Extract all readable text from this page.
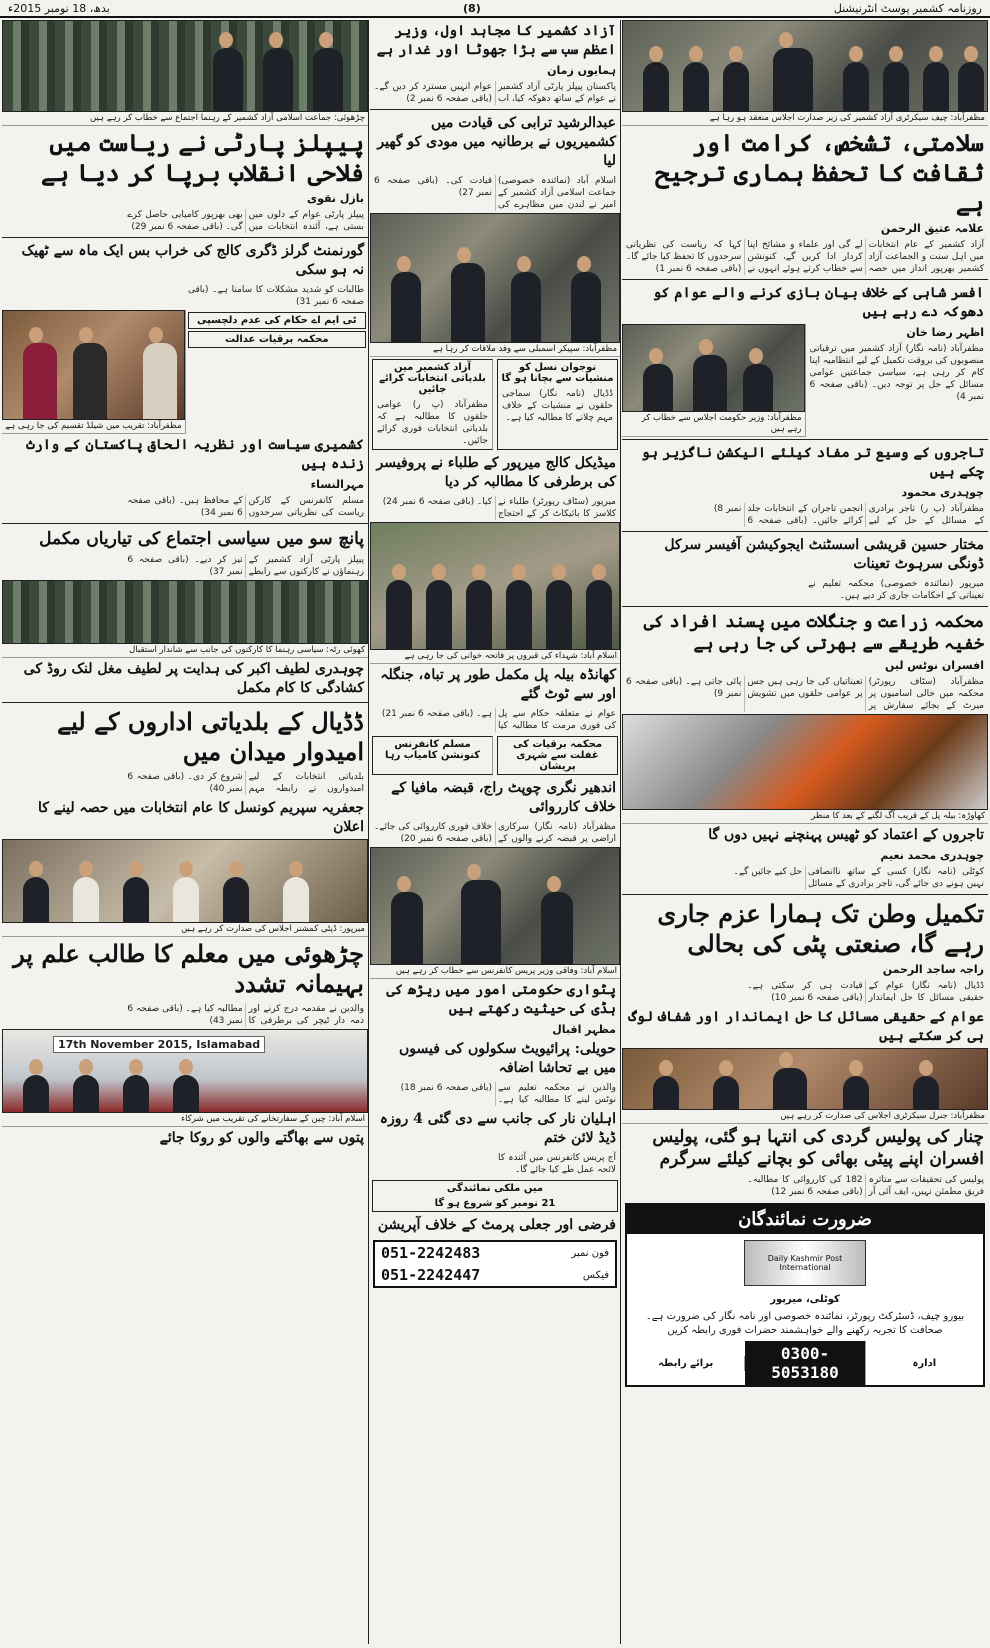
روزنامہ کشمیر پوسٹ انٹرنیشنل
(8)
بدھ، 18 نومبر 2015ء
مظفرآباد: چیف سیکرٹری آزاد کشمیر کی زیر صدارت اجلاس منعقد ہو رہا ہے
سلامتی، تشخص، کرامت اور ثقافت کا تحفظ ہماری ترجیح ہے
علامہ عتیق الرحمن
آزاد کشمیر کے عام انتخابات میں اہل سنت و الجماعت آزاد کشمیر بھرپور انداز میں حصہ لے گی اور علماء و مشائخ اپنا کردار ادا کریں گے، کنونشن سے خطاب کرتے ہوئے انہوں نے کہا کہ ریاست کی نظریاتی سرحدوں کا تحفظ کیا جائے گا۔ (باقی صفحہ 6 نمبر 1)
افسر شاہی کے خلاف بیان بازی کرنے والے عوام کو دھوکہ دے رہے ہیں
اظہر رضا خان
مظفرآباد (نامہ نگار) آزاد کشمیر میں ترقیاتی منصوبوں کی بروقت تکمیل کے لیے انتظامیہ اپنا کام کر رہی ہے، سیاسی جماعتیں عوامی مسائل کے حل پر توجہ دیں۔ (باقی صفحہ 6 نمبر 4)
مظفرآباد: وزیر حکومت اجلاس سے خطاب کر رہے ہیں
تاجروں کے وسیع تر مفاد کیلئے الیکشن ناگزیر ہو چکے ہیں
چوہدری محمود
مظفرآباد (پ ر) تاجر برادری کے مسائل کے حل کے لیے انجمن تاجران کے انتخابات جلد کرائے جائیں۔ (باقی صفحہ 6 نمبر 8)
مختار حسین قریشی اسسٹنٹ ایجوکیشن آفیسر سرکل ڈونگی سرہوٹ تعینات
میرپور (نمائندہ خصوصی) محکمہ تعلیم نے تعیناتی کے احکامات جاری کر دیے ہیں۔
محکمہ زراعت و جنگلات میں پسند افراد کی خفیہ طریقے سے بھرتی کی جا رہی ہے
افسران نوٹس لیں
مظفرآباد (سٹاف رپورٹر) محکمہ میں خالی اسامیوں پر میرٹ کے بجائے سفارش پر تعیناتیاں کی جا رہی ہیں جس پر عوامی حلقوں میں تشویش پائی جاتی ہے۔ (باقی صفحہ 6 نمبر 9)
کھاوڑہ: بیلہ پل کے قریب آگ لگنے کے بعد کا منظر
تاجروں کے اعتماد کو ٹھیس پہنچنے نہیں دوں گا
چوہدری محمد نعیم
کوٹلی (نامہ نگار) کسی کے ساتھ ناانصافی نہیں ہونے دی جائے گی، تاجر برادری کے مسائل حل کیے جائیں گے۔
تکمیل وطن تک ہمارا عزم جاری رہے گا، صنعتی پٹی کی بحالی
راجہ ساجد الرحمن
ڈڈیال (نامہ نگار) عوام کے حقیقی مسائل کا حل ایماندار قیادت ہی کر سکتی ہے۔ (باقی صفحہ 6 نمبر 10)
عوام کے حقیقی مسائل کا حل ایماندار اور شفاف لوگ ہی کر سکتے ہیں
مظفرآباد: جنرل سیکرٹری اجلاس کی صدارت کر رہے ہیں
چنار کی پولیس گردی کی انتہا ہو گئی، پولیس افسران اپنے پیٹی بھائی کو بچانے کیلئے سرگرم
پولیس کی تحقیقات سے متاثرہ فریق مطمئن نہیں، ایف آئی آر 182 کی کارروائی کا مطالبہ۔ (باقی صفحہ 6 نمبر 12)
ضرورت نمائندگان
Daily Kashmir Post International
کوٹلی، میرپور
بیورو چیف، ڈسٹرکٹ رپورٹر، نمائندہ خصوصی اور نامہ نگار کی ضرورت ہے۔ صحافت کا تجربہ رکھنے والے خواہشمند حضرات فوری رابطہ کریں
ادارہ
0300-5053180
برائے رابطہ
آزاد کشمیر کا مجاہد اول، وزیر اعظم سب سے بڑا جھوٹا اور غدار ہے
ہمایوں زمان
پاکستان پیپلز پارٹی آزاد کشمیر نے عوام کے ساتھ دھوکہ کیا، اب عوام انہیں مسترد کر دیں گے۔ (باقی صفحہ 6 نمبر 2)
عبدالرشید ترابی کی قیادت میں کشمیریوں نے برطانیہ میں مودی کو گھیر لیا
اسلام آباد (نمائندہ خصوصی) جماعت اسلامی آزاد کشمیر کے امیر نے لندن میں مظاہرے کی قیادت کی۔ (باقی صفحہ 6 نمبر 27)
مظفرآباد: سپیکر اسمبلی سے وفد ملاقات کر رہا ہے
نوجوان نسل کو منشیات سے بچانا ہو گا
ڈڈیال (نامہ نگار) سماجی حلقوں نے منشیات کے خلاف مہم چلانے کا مطالبہ کیا ہے۔
آزاد کشمیر میں بلدیاتی انتخابات کرائے جائیں
مظفرآباد (پ ر) عوامی حلقوں کا مطالبہ ہے کہ بلدیاتی انتخابات فوری کرائے جائیں۔
میڈیکل کالج میرپور کے طلباء نے پروفیسر کی برطرفی کا مطالبہ کر دیا
میرپور (سٹاف رپورٹر) طلباء نے کلاسز کا بائیکاٹ کر کے احتجاج کیا۔ (باقی صفحہ 6 نمبر 24)
اسلام آباد: شہداء کی قبروں پر فاتحہ خوانی کی جا رہی ہے
کھانڈہ بیلہ پل مکمل طور پر تباہ، جنگلہ اور سے ٹوٹ گئے
عوام نے متعلقہ حکام سے پل کی فوری مرمت کا مطالبہ کیا ہے۔ (باقی صفحہ 6 نمبر 21)
محکمہ برقیات کی غفلت سے شہری پریشان
مسلم کانفرنس کنونشن کامیاب رہا
اندھیر نگری چوپٹ راج، قبضہ مافیا کے خلاف کارروائی
مظفرآباد (نامہ نگار) سرکاری اراضی پر قبضہ کرنے والوں کے خلاف فوری کارروائی کی جائے۔ (باقی صفحہ 6 نمبر 20)
اسلام آباد: وفاقی وزیر پریس کانفرنس سے خطاب کر رہے ہیں
پٹواری حکومتی امور میں ریڑھ کی ہڈی کی حیثیت رکھتے ہیں
مظہر اقبال
حویلی: پرائیویٹ سکولوں کی فیسوں میں بے تحاشا اضافہ
والدین نے محکمہ تعلیم سے نوٹس لینے کا مطالبہ کیا ہے۔ (باقی صفحہ 6 نمبر 18)
اہلیان نار کی جانب سے دی گئی 4 روزہ ڈیڈ لائن ختم
آج پریس کانفرنس میں آئندہ کا لائحہ عمل طے کیا جائے گا۔
میں ملکی نمائندگی
21 نومبر کو شروع ہو گا
فرضی اور جعلی پرمٹ کے خلاف آپریشن
051-2242483	فون نمبر
051-2242447	فیکس
چڑھوئی: جماعت اسلامی آزاد کشمیر کے رہنما اجتماع سے خطاب کر رہے ہیں
پیپلز پارٹی نے ریاست میں فلاحی انقلاب برپا کر دیا ہے
بازل نقوی
پیپلز پارٹی عوام کے دلوں میں بستی ہے، آئندہ انتخابات میں بھی بھرپور کامیابی حاصل کرے گی۔ (باقی صفحہ 6 نمبر 29)
گورنمنٹ گرلز ڈگری کالج کی خراب بس ایک ماہ سے ٹھیک نہ ہو سکی
طالبات کو شدید مشکلات کا سامنا ہے۔ (باقی صفحہ 6 نمبر 31)
ٹی ایم اے حکام کی عدم دلچسپی
محکمہ برقیات عدالت
مظفرآباد: تقریب میں شیلڈ تقسیم کی جا رہی ہے
کشمیری سیاست اور نظریہ الحاق پاکستان کے وارث زندہ ہیں
مہرالنساء
مسلم کانفرنس کے کارکن ریاست کی نظریاتی سرحدوں کے محافظ ہیں۔ (باقی صفحہ 6 نمبر 34)
پانچ سو میں سیاسی اجتماع کی تیاریاں مکمل
پیپلز پارٹی آزاد کشمیر کے رہنماؤں نے کارکنوں سے رابطے تیز کر دیے۔ (باقی صفحہ 6 نمبر 37)
کھوئی رٹہ: سیاسی رہنما کا کارکنوں کی جانب سے شاندار استقبال
چوہدری لطیف اکبر کی ہدایت پر لطیف مغل لنک روڈ کی کشادگی کا کام مکمل
ڈڈیال کے بلدیاتی اداروں کے لیے امیدوار میدان میں
بلدیاتی انتخابات کے لیے امیدواروں نے رابطہ مہم شروع کر دی۔ (باقی صفحہ 6 نمبر 40)
جعفریہ سپریم کونسل کا عام انتخابات میں حصہ لینے کا اعلان
میرپور: ڈپٹی کمشنر اجلاس کی صدارت کر رہے ہیں
چڑھوئی میں معلم کا طالب علم پر بہیمانہ تشدد
والدین نے مقدمہ درج کرنے اور ذمہ دار ٹیچر کی برطرفی کا مطالبہ کیا ہے۔ (باقی صفحہ 6 نمبر 43)
17th November 2015, Islamabad
اسلام آباد: چین کے سفارتخانے کی تقریب میں شرکاء
پتوں سے بھاگتے والوں کو روکا جائے
